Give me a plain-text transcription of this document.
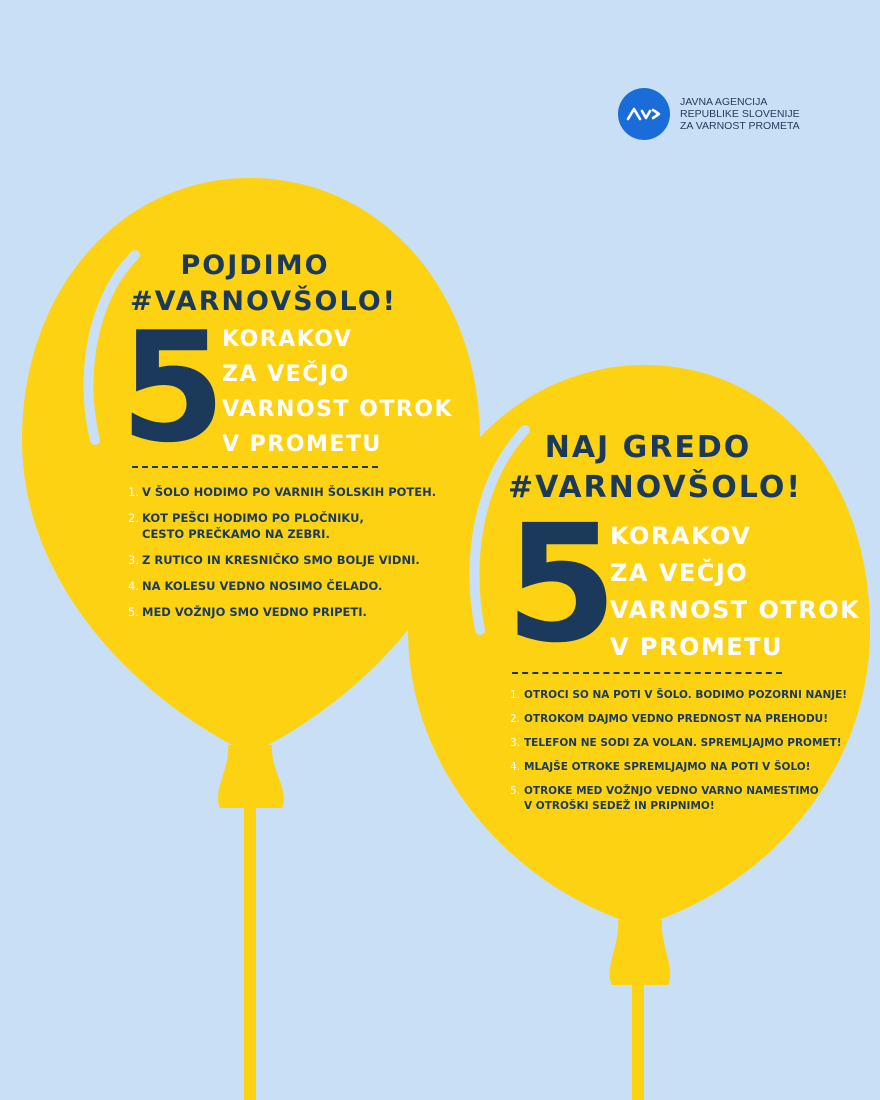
JAVNA AGENCIJA
REPUBLIKE SLOVENIJE
ZA VARNOST PROMETA
POJDIMO
#VARNOVŠOLO!
5
KORAKOV
ZA VEČJO
VARNOST OTROK
V PROMETU
1. V ŠOLO HODIMO PO VARNIH ŠOLSKIH POTEH.
2. KOT PEŠCI HODIMO PO PLOČNIKU,
CESTO PREČKAMO NA ZEBRI.
3. Z RUTICO IN KRESNIČKO SMO BOLJE VIDNI.
4. NA KOLESU VEDNO NOSIMO ČELADO.
5. MED VOŽNJO SMO VEDNO PRIPETI.
NAJ GREDO
#VARNOVŠOLO!
5
KORAKOV
ZA VEČJO
VARNOST OTROK
V PROMETU
1. OTROCI SO NA POTI V ŠOLO. BODIMO POZORNI NANJE!
2. OTROKOM DAJMO VEDNO PREDNOST NA PREHODU!
3. TELEFON NE SODI ZA VOLAN. SPREMLJAJMO PROMET!
4. MLAJŠE OTROKE SPREMLJAJMO NA POTI V ŠOLO!
5. OTROKE MED VOŽNJO VEDNO VARNO NAMESTIMO
V OTROŠKI SEDEŽ IN PRIPNIMO!
